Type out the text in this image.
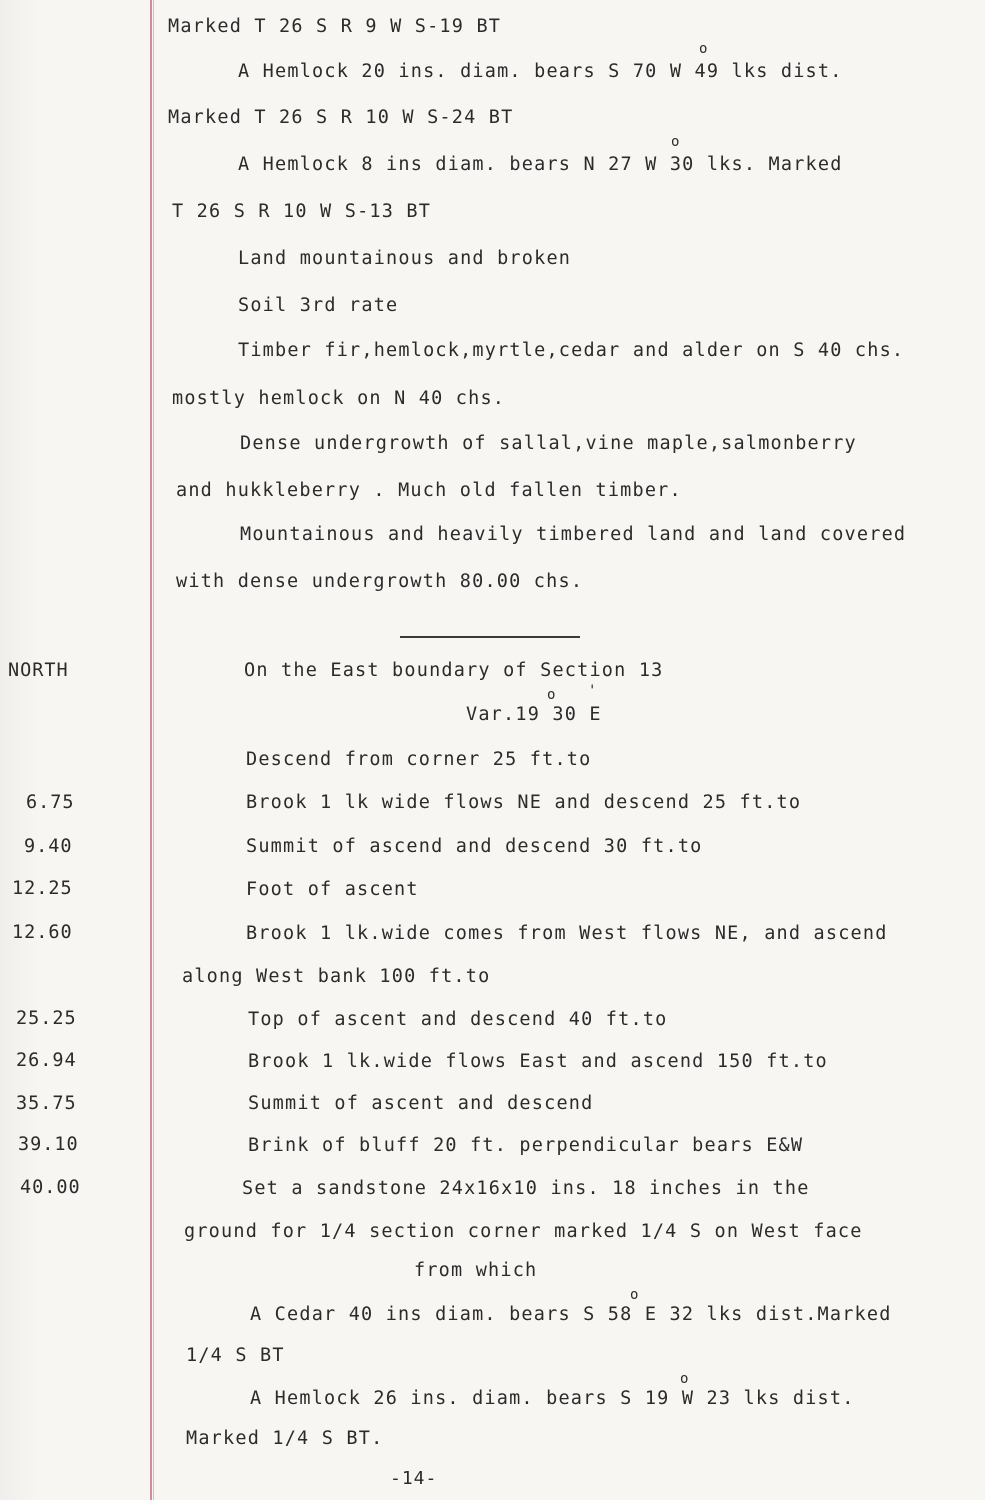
Marked T 26 S R 9 W S-19 BT
o
A Hemlock 20 ins. diam. bears S 70 W 49 lks dist.
Marked T 26 S R 10 W S-24 BT
o
A Hemlock 8 ins diam. bears N 27 W 30 lks. Marked
T 26 S R 10 W S-13 BT
Land mountainous and broken
Soil 3rd rate
Timber fir,hemlock,myrtle,cedar and alder on S 40 chs.
mostly hemlock on N 40 chs.
Dense undergrowth of sallal,vine maple,salmonberry
and hukkleberry . Much old fallen timber.
Mountainous and heavily timbered land and land covered
with dense undergrowth 80.00 chs.
NORTH	On the East boundary of Section 13
o '
Var.19 30 E
Descend from corner 25 ft.to
6.75	Brook 1 lk wide flows NE and descend 25 ft.to
9.40	Summit of ascend and descend 30 ft.to
12.25	Foot of ascent
12.60	Brook 1 lk.wide comes from West flows NE, and ascend
along West bank 100 ft.to
25.25	Top of ascent and descend 40 ft.to
26.94	Brook 1 lk.wide flows East and ascend 150 ft.to
35.75	Summit of ascent and descend
39.10	Brink of bluff 20 ft. perpendicular bears E&W
40.00	Set a sandstone 24x16x10 ins. 18 inches in the
ground for 1/4 section corner marked 1/4 S on West face
from which
o
A Cedar 40 ins diam. bears S 58 E 32 lks dist.Marked
1/4 S BT
o
A Hemlock 26 ins. diam. bears S 19 W 23 lks dist.
Marked 1/4 S BT.
-14-
